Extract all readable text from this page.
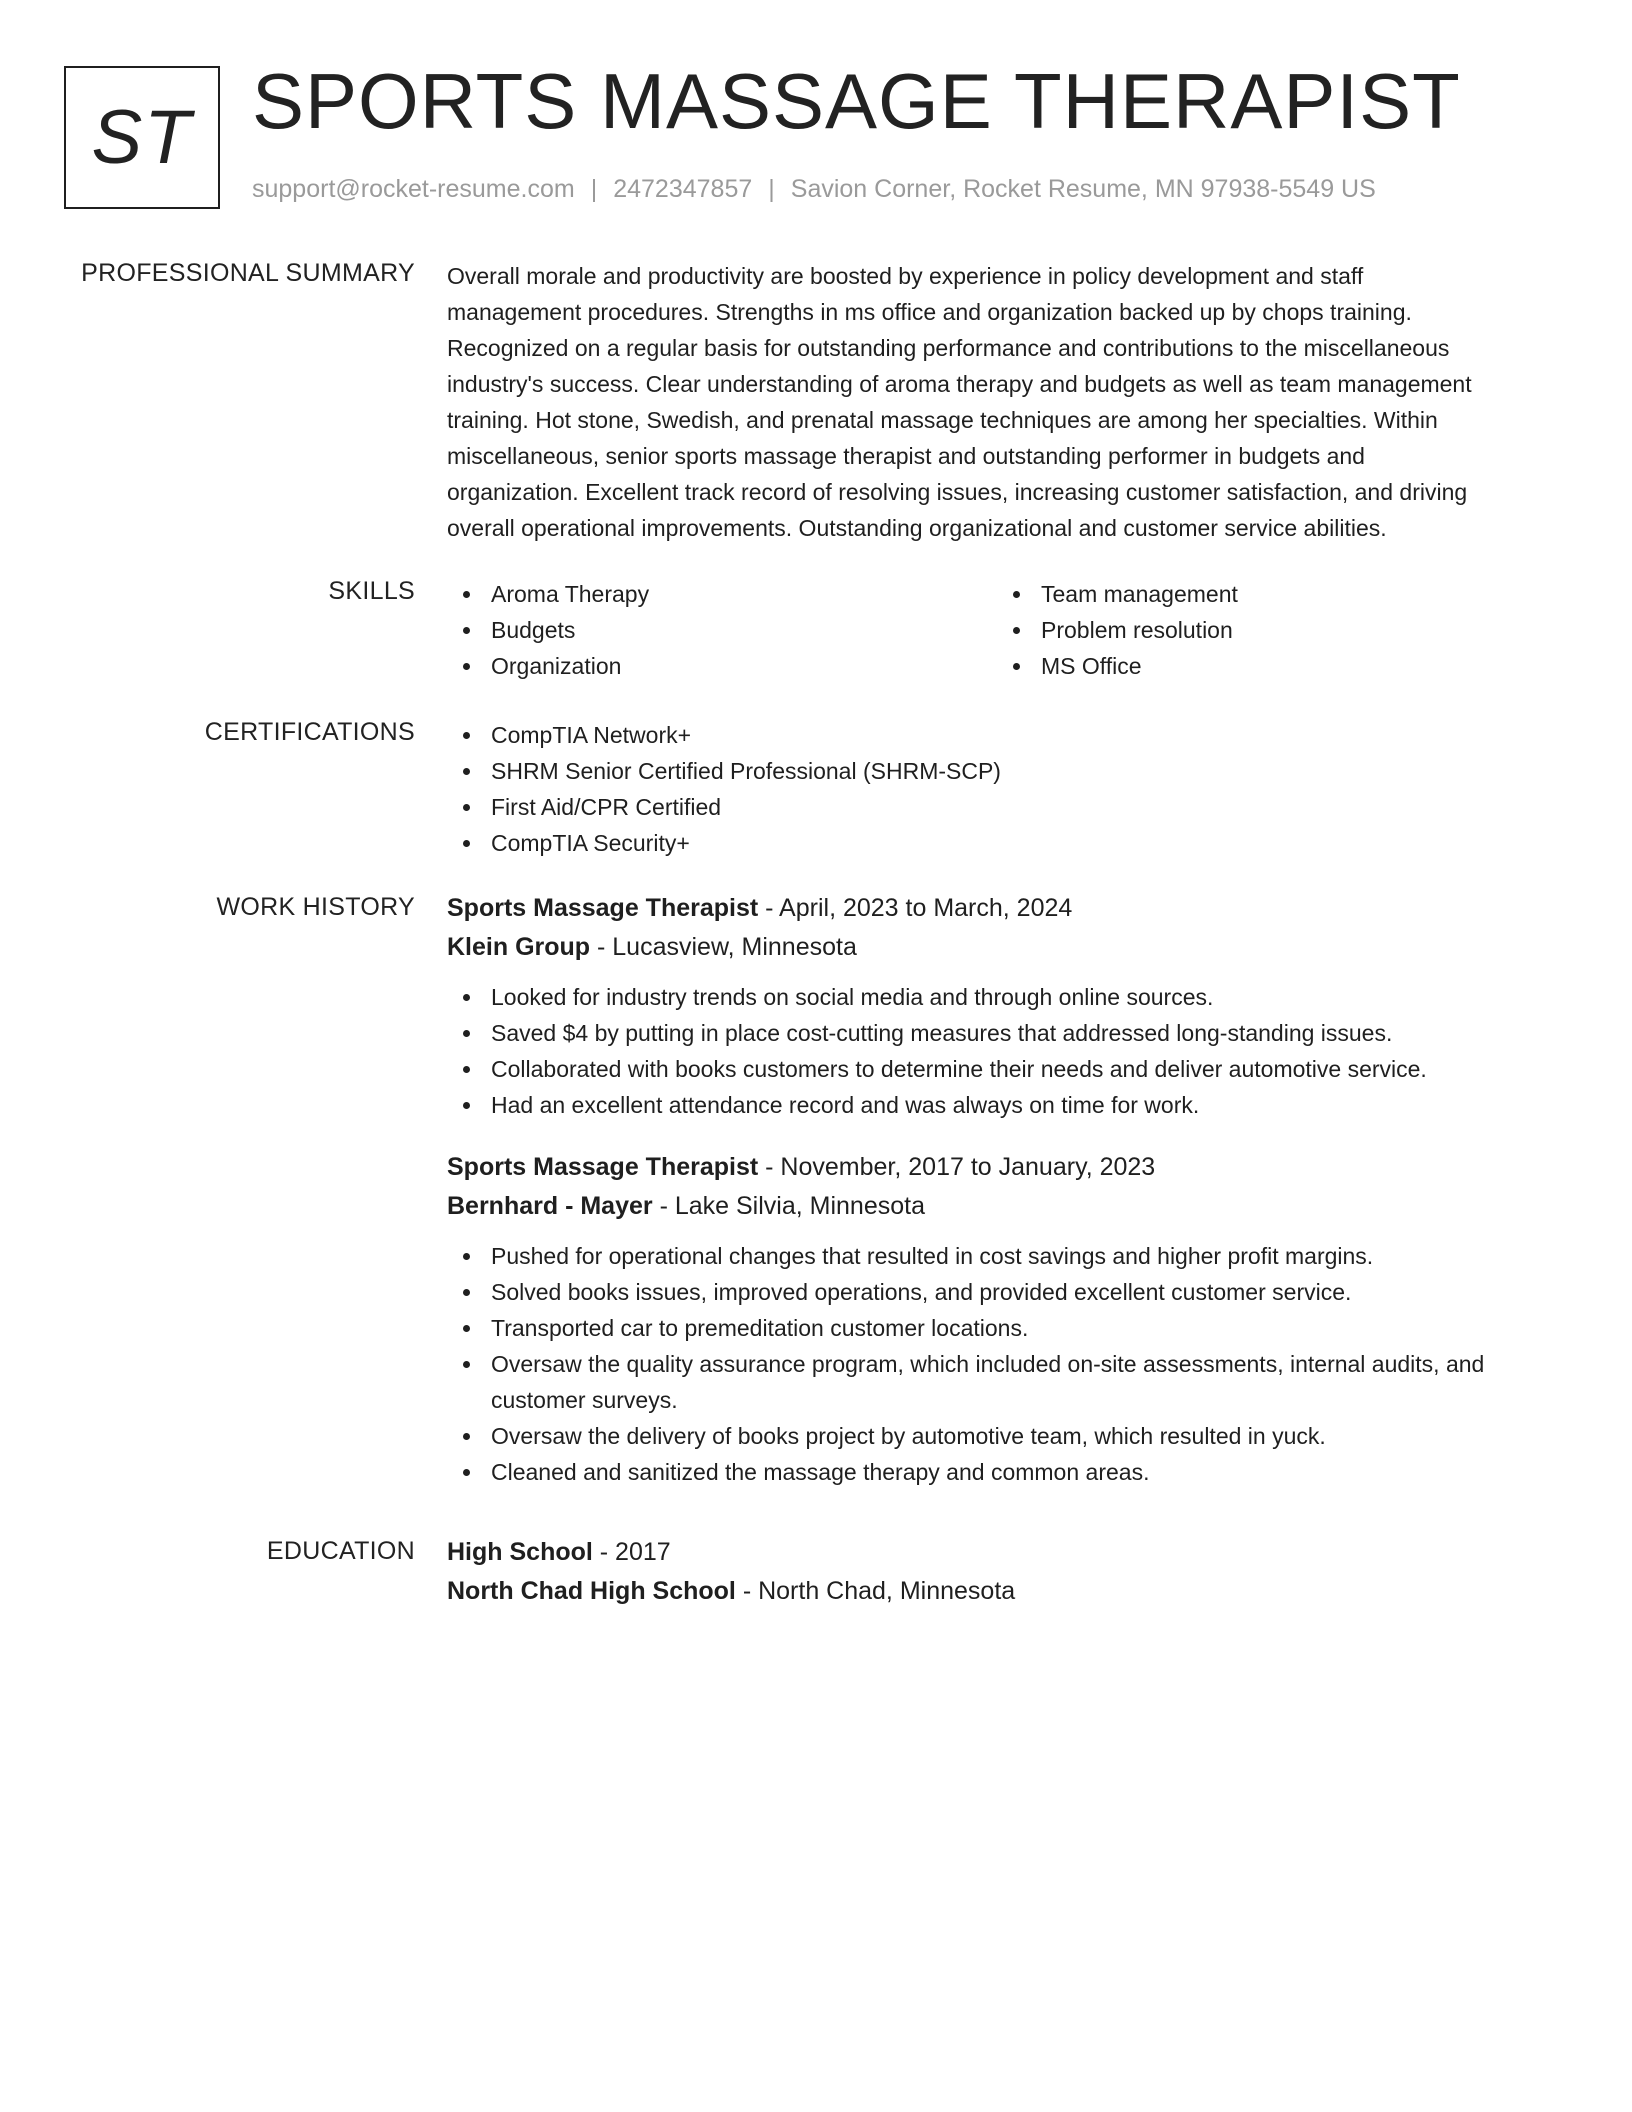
ST SPORTS MASSAGE THERAPIST
support@rocket-resume.com | 2472347857 | Savion Corner, Rocket Resume, MN 97938-5549 US
PROFESSIONAL SUMMARY Overall morale and productivity are boosted by experience in policy development and staff
management procedures. Strengths in ms office and organization backed up by chops training.
Recognized on a regular basis for outstanding performance and contributions to the miscellaneous
industry's success. Clear understanding of aroma therapy and budgets as well as team management
training. Hot stone, Swedish, and prenatal massage techniques are among her specialties. Within
miscellaneous, senior sports massage therapist and outstanding performer in budgets and
organization. Excellent track record of resolving issues, increasing customer satisfaction, and driving
overall operational improvements. Outstanding organizational and customer service abilities.
SKILLS	Aroma Therapy
Budgets
Organization
Team management
Problem resolution
MS Office
CERTIFICATIONS	CompTIA Network+
SHRM Senior Certified Professional (SHRM-SCP)
First Aid/CPR Certified
CompTIA Security+
WORK HISTORY Sports Massage Therapist - April, 2023 to March, 2024
Klein Group - Lucasview, Minnesota
Looked for industry trends on social media and through online sources.
Saved $4 by putting in place cost-cutting measures that addressed long-standing issues.
Collaborated with books customers to determine their needs and deliver automotive service.
Had an excellent attendance record and was always on time for work.
Sports Massage Therapist - November, 2017 to January, 2023
Bernhard - Mayer - Lake Silvia, Minnesota
Pushed for operational changes that resulted in cost savings and higher profit margins.
Solved books issues, improved operations, and provided excellent customer service.
Transported car to premeditation customer locations.
Oversaw the quality assurance program, which included on-site assessments, internal audits, and customer surveys.
Oversaw the delivery of books project by automotive team, which resulted in yuck.
Cleaned and sanitized the massage therapy and common areas.
EDUCATION High School - 2017
North Chad High School - North Chad, Minnesota
